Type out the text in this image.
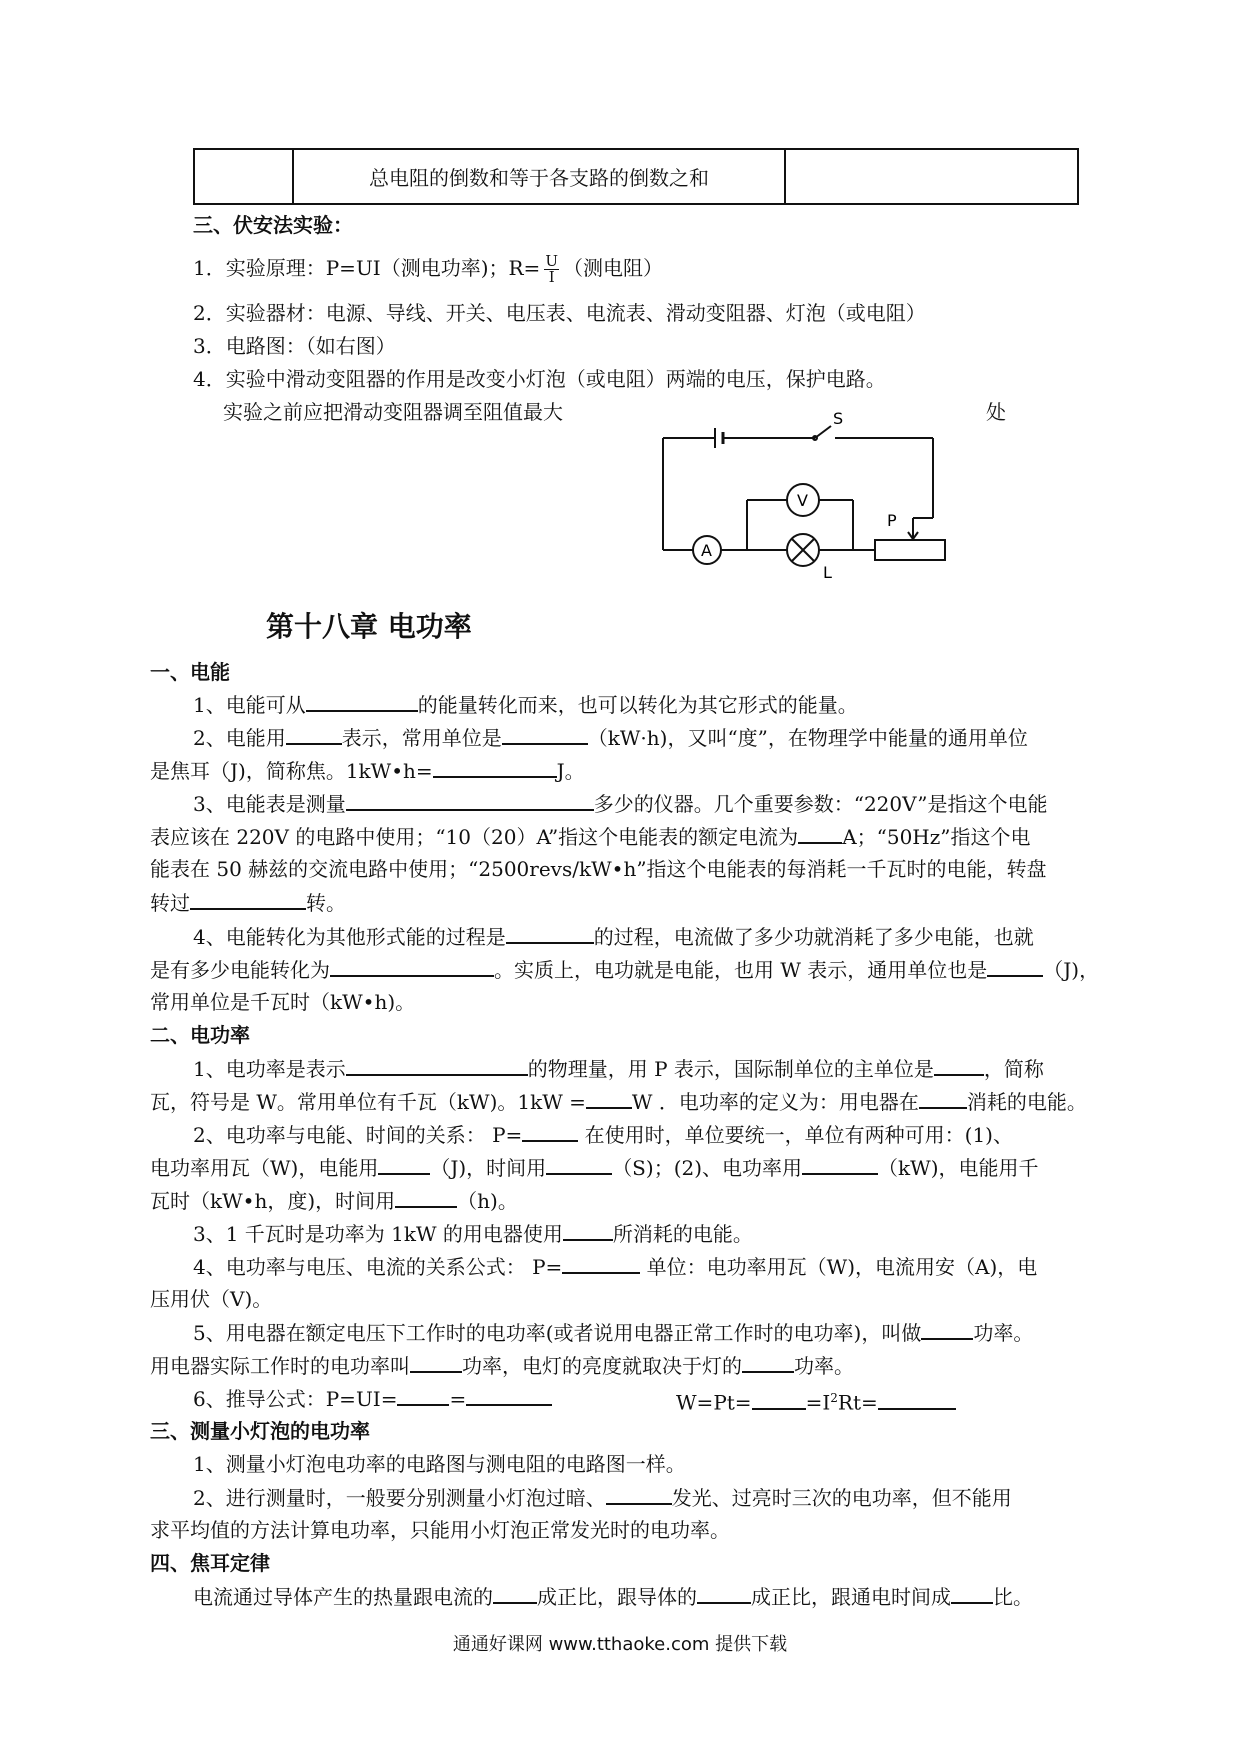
	总电阻的倒数和等于各支路的倒数之和	
三、伏安法实验：
1．实验原理：P=UI（测电功率)；$R= \frac{U}{I}$ （测电阻）
2．实验器材：电源、导线、开关、电压表、电流表、滑动变阻器、灯泡（或电阻）
3．电路图：（如右图）
4．实验中滑动变阻器的作用是改变小灯泡（或电阻）两端的电压，保护电路。
实验之前应把滑动变阻器调至阻值最大	处
S
V
A
L
P
第十八章 电功率
一、电能
1、电能可从	的能量转化而来，也可以转化为其它形式的能量。
2、电能用	表示，常用单位是	（kW·h)，又叫“度”，在物理学中能量的通用单位
是焦耳（J)，简称焦。1kW•h=	J。
3、电能表是测量	多少的仪器。几个重要参数：“220V”是指这个电能
表应该在 220V 的电路中使用；“10（20）A”指这个电能表的额定电流为 A；“50Hz”指这个电
能表在 50 赫兹的交流电路中使用；“2500revs/kW•h”指这个电能表的每消耗一千瓦时的电能，转盘
转过	转。
4、电能转化为其他形式能的过程是	的过程，电流做了多少功就消耗了多少电能，也就
是有多少电能转化为	。实质上，电功就是电能，也用 W 表示，通用单位也是	（J)，
常用单位是千瓦时（kW•h)。
二、电功率
1、电功率是表示	的物理量，用 P 表示，国际制单位的主单位是	，简称
瓦，符号是 W。常用单位有千瓦（kW)。1kW = W ．电功率的定义为：用电器在 消耗的电能。
2、电功率与电能、时间的关系： P=	在使用时，单位要统一，单位有两种可用：(1)、
电功率用瓦（W)，电能用	（J)，时间用	（S)；(2)、电功率用	（kW)，电能用千
瓦时（kW•h，度)，时间用	（h)。
3、1 千瓦时是功率为 1kW 的用电器使用	所消耗的电能。
4、电功率与电压、电流的关系公式： P=	单位：电功率用瓦（W)，电流用安（A)，电
压用伏（V)。
5、用电器在额定电压下工作时的电功率(或者说用电器正常工作时的电功率)，叫做	功率。
用电器实际工作时的电功率叫	功率，电灯的亮度就取决于灯的	功率。
6、推导公式：P=UI=	=	W=Pt=	$=I^2Rt=$
三、测量小灯泡的电功率
1、测量小灯泡电功率的电路图与测电阻的电路图一样。
2、进行测量时，一般要分别测量小灯泡过暗、	发光、过亮时三次的电功率，但不能用
求平均值的方法计算电功率，只能用小灯泡正常发光时的电功率。
四、焦耳定律
电流通过导体产生的热量跟电流的 成正比，跟导体的	成正比，跟通电时间成 比。
通通好课网 www.tthaoke.com 提供下载
